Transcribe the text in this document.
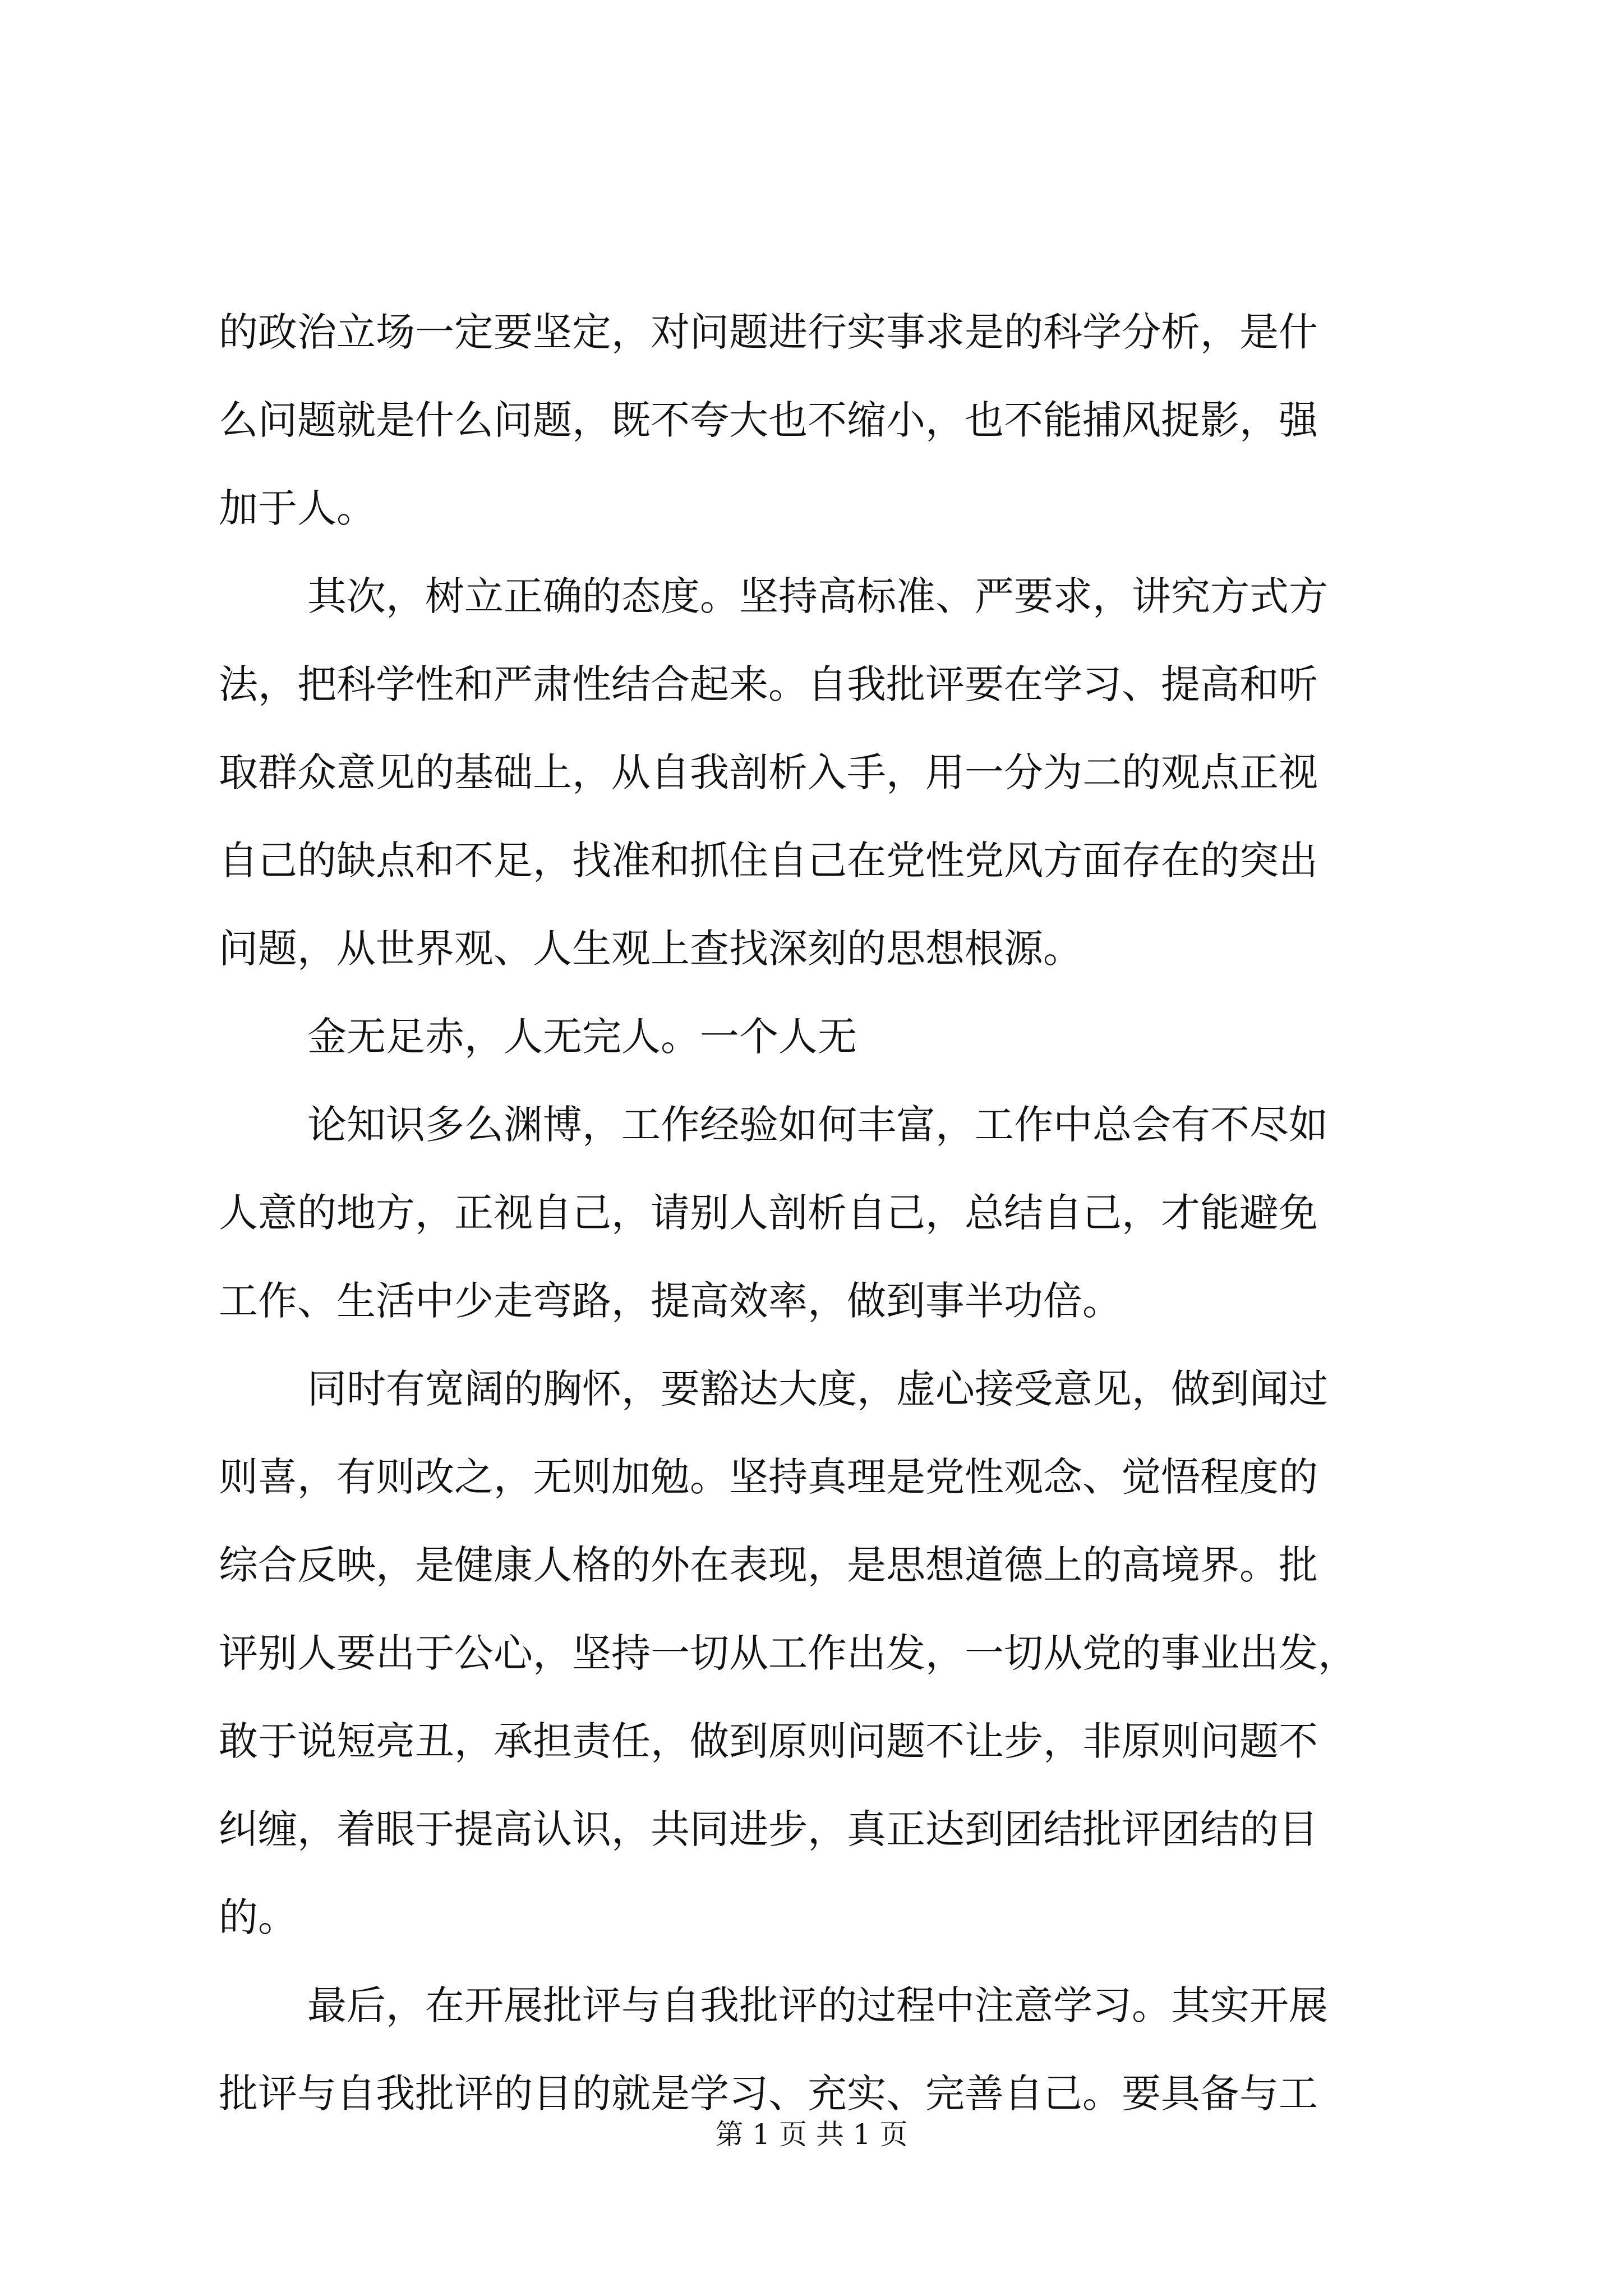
的政治立场一定要坚定，对问题进行实事求是的科学分析，是什
么问题就是什么问题，既不夸大也不缩小，也不能捕风捉影，强
加于人。
其次，树立正确的态度。坚持高标准、严要求，讲究方式方
法，把科学性和严肃性结合起来。自我批评要在学习、提高和听
取群众意见的基础上，从自我剖析入手，用一分为二的观点正视
自己的缺点和不足，找准和抓住自己在党性党风方面存在的突出
问题，从世界观、人生观上查找深刻的思想根源。
金无足赤，人无完人。一个人无
论知识多么渊博，工作经验如何丰富，工作中总会有不尽如
人意的地方，正视自己，请别人剖析自己，总结自己，才能避免
工作、生活中少走弯路，提高效率，做到事半功倍。
同时有宽阔的胸怀，要豁达大度，虚心接受意见，做到闻过
则喜，有则改之，无则加勉。坚持真理是党性观念、觉悟程度的
综合反映，是健康人格的外在表现，是思想道德上的高境界。批
评别人要出于公心，坚持一切从工作出发，一切从党的事业出发，
敢于说短亮丑，承担责任，做到原则问题不让步，非原则问题不
纠缠，着眼于提高认识，共同进步，真正达到团结批评团结的目
的。
最后，在开展批评与自我批评的过程中注意学习。其实开展
批评与自我批评的目的就是学习、充实、完善自己。要具备与工
第 1 页 共 1 页
